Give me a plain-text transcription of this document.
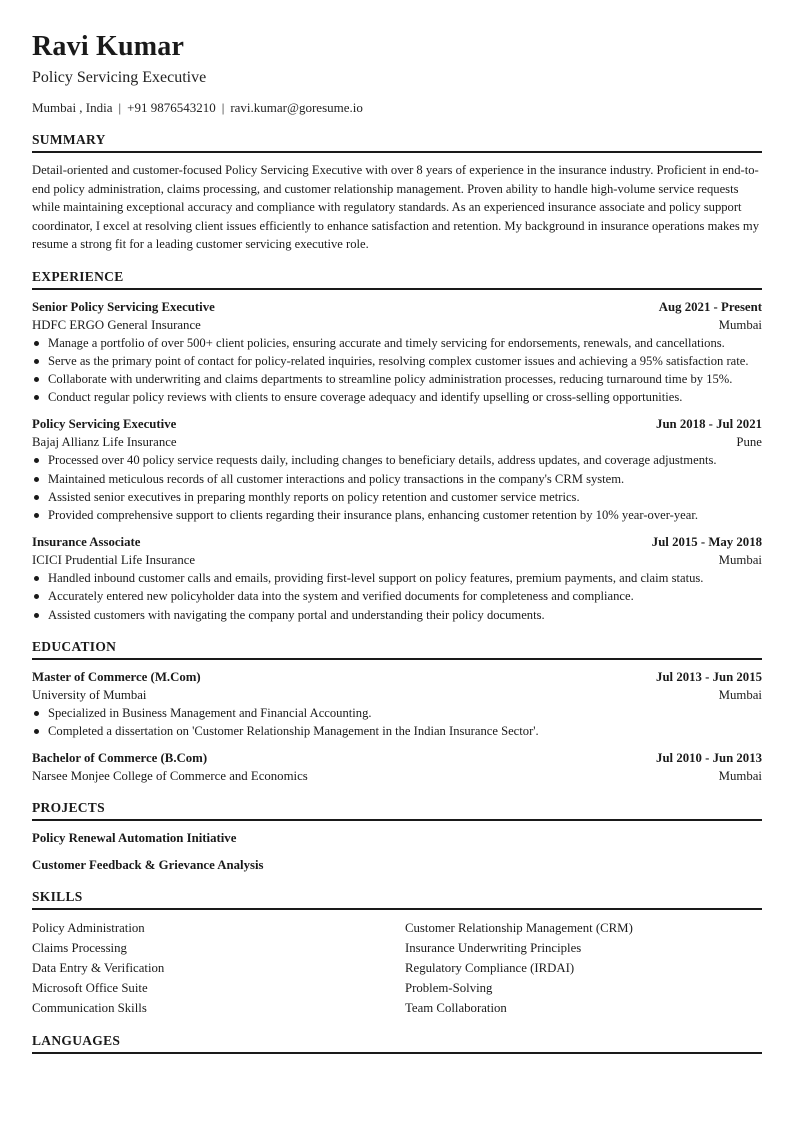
Ravi Kumar
Policy Servicing Executive
Mumbai , India | +91 9876543210 | ravi.kumar@goresume.io
SUMMARY

Detail-oriented and customer-focused Policy Servicing Executive with over 8 years of experience in the insurance industry. Proficient in end-to-end policy administration, claims processing, and customer relationship management. Proven ability to handle high-volume service requests while maintaining exceptional accuracy and compliance with regulatory standards. As an experienced insurance associate and policy support coordinator, I excel at resolving client issues efficiently to enhance satisfaction and retention. My background in insurance operations makes my resume a strong fit for a leading customer servicing executive role.

EXPERIENCE
Senior Policy Servicing Executive	Aug 2021 - Present
HDFC ERGO General Insurance	Mumbai
Manage a portfolio of over 500+ client policies, ensuring accurate and timely servicing for endorsements, renewals, and cancellations.
Serve as the primary point of contact for policy-related inquiries, resolving complex customer issues and achieving a 95% satisfaction rate.
Collaborate with underwriting and claims departments to streamline policy administration processes, reducing turnaround time by 15%.
Conduct regular policy reviews with clients to ensure coverage adequacy and identify upselling or cross-selling opportunities.
Policy Servicing Executive	Jun 2018 - Jul 2021
Bajaj Allianz Life Insurance	Pune
Processed over 40 policy service requests daily, including changes to beneficiary details, address updates, and coverage adjustments.
Maintained meticulous records of all customer interactions and policy transactions in the company's CRM system.
Assisted senior executives in preparing monthly reports on policy retention and customer service metrics.
Provided comprehensive support to clients regarding their insurance plans, enhancing customer retention by 10% year-over-year.
Insurance Associate	Jul 2015 - May 2018
ICICI Prudential Life Insurance	Mumbai
Handled inbound customer calls and emails, providing first-level support on policy features, premium payments, and claim status.
Accurately entered new policyholder data into the system and verified documents for completeness and compliance.
Assisted customers with navigating the company portal and understanding their policy documents.
EDUCATION
Master of Commerce (M.Com)	Jul 2013 - Jun 2015
University of Mumbai	Mumbai
Specialized in Business Management and Financial Accounting.
Completed a dissertation on 'Customer Relationship Management in the Indian Insurance Sector'.
Bachelor of Commerce (B.Com)	Jul 2010 - Jun 2013
Narsee Monjee College of Commerce and Economics	Mumbai
PROJECTS
Policy Renewal Automation Initiative
Customer Feedback & Grievance Analysis
SKILLS
Policy Administration	Customer Relationship Management (CRM)
Claims Processing	Insurance Underwriting Principles
Data Entry & Verification	Regulatory Compliance (IRDAI)
Microsoft Office Suite	Problem-Solving
Communication Skills	Team Collaboration
LANGUAGES
